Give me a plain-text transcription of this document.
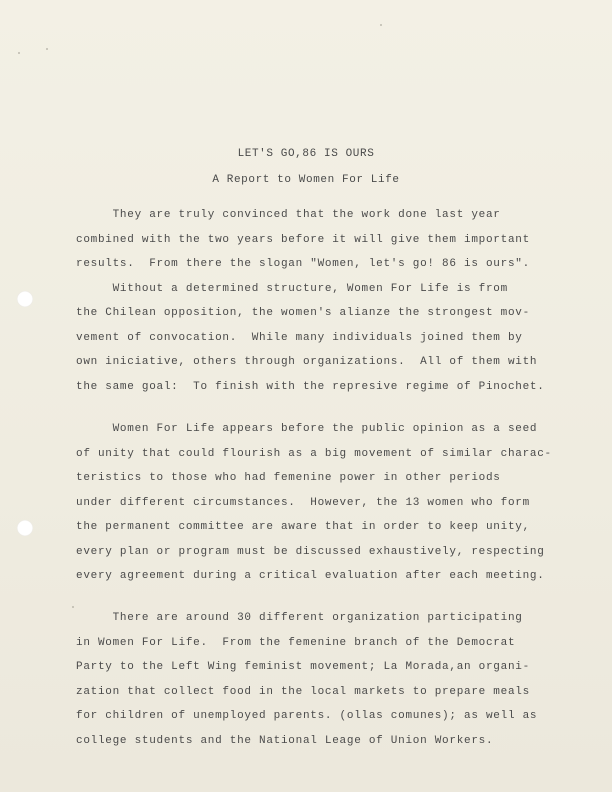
LET'S GO,86 IS OURS
A Report to Women For Life
They are truly convinced that the work done last year
combined with the two years before it will give them important
results.  From there the slogan "Women, let's go! 86 is ours".
Without a determined structure, Women For Life is from
the Chilean opposition, the women's alianze the strongest mov-
vement of convocation.  While many individuals joined them by
own iniciative, others through organizations.  All of them with
the same goal:  To finish with the represive regime of Pinochet.
Women For Life appears before the public opinion as a seed
of unity that could flourish as a big movement of similar charac-
teristics to those who had femenine power in other periods
under different circumstances.  However, the 13 women who form
the permanent committee are aware that in order to keep unity,
every plan or program must be discussed exhaustively, respecting
every agreement during a critical evaluation after each meeting.
There are around 30 different organization participating
in Women For Life.  From the femenine branch of the Democrat
Party to the Left Wing feminist movement; La Morada,an organi-
zation that collect food in the local markets to prepare meals
for children of unemployed parents. (ollas comunes); as well as
college students and the National Leage of Union Workers.
